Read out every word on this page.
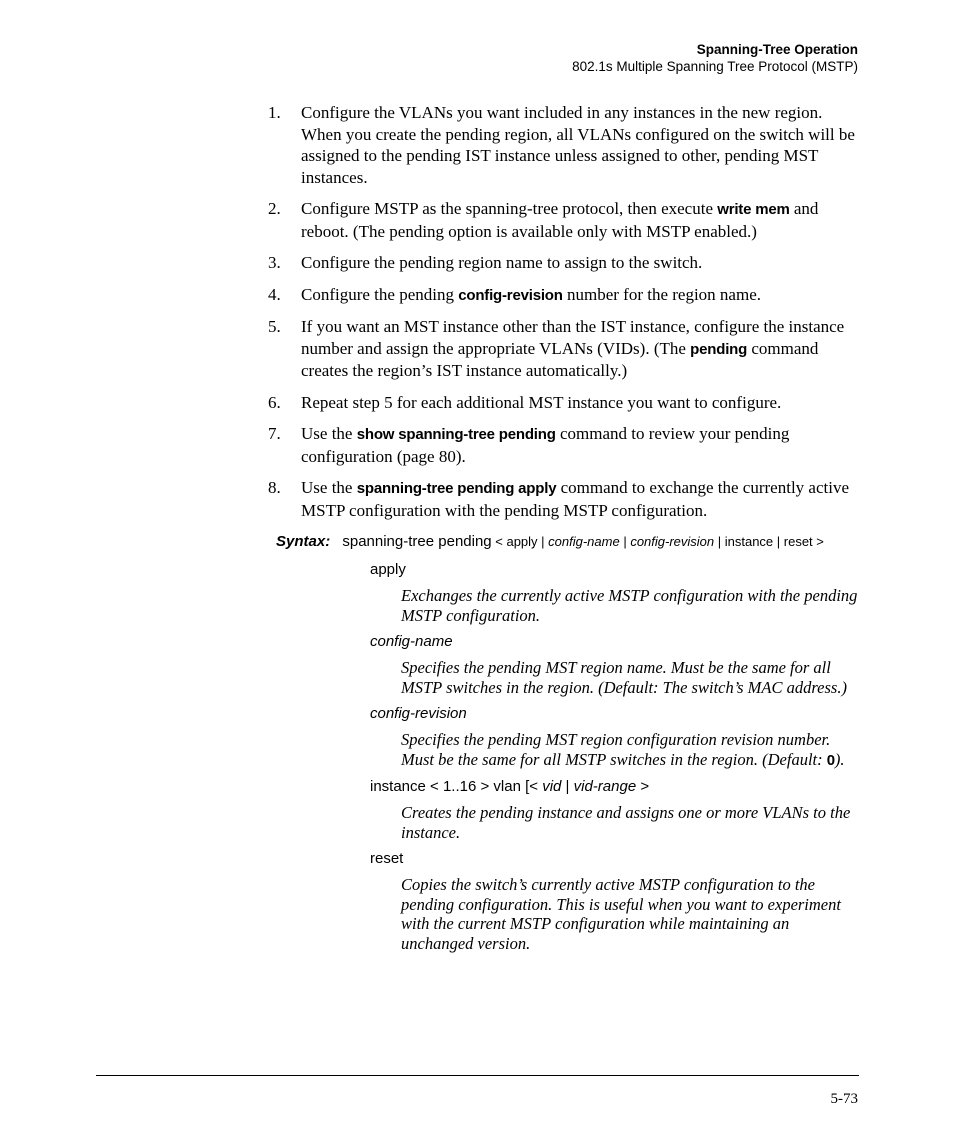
Spanning-Tree Operation
802.1s Multiple Spanning Tree Protocol (MSTP)
1. Configure the VLANs you want included in any instances in the new region. When you create the pending region, all VLANs configured on the switch will be assigned to the pending IST instance unless assigned to other, pending MST instances.
2. Configure MSTP as the spanning-tree protocol, then execute write mem and reboot. (The pending option is available only with MSTP enabled.)
3. Configure the pending region name to assign to the switch.
4. Configure the pending config-revision number for the region name.
5. If you want an MST instance other than the IST instance, configure the instance number and assign the appropriate VLANs (VIDs). (The pending command creates the region’s IST instance automatically.)
6. Repeat step 5 for each additional MST instance you want to configure.
7. Use the show spanning-tree pending command to review your pending configuration (page 80).
8. Use the spanning-tree pending apply command to exchange the currently active MSTP configuration with the pending MSTP configuration.
Syntax: spanning-tree pending < apply | config-name | config-revision | instance | reset >
apply
Exchanges the currently active MSTP configuration with the pending MSTP configuration.
config-name
Specifies the pending MST region name. Must be the same for all MSTP switches in the region. (Default: The switch’s MAC address.)
config-revision
Specifies the pending MST region configuration revision number. Must be the same for all MSTP switches in the region. (Default: 0).
instance < 1..16 > vlan [< vid | vid-range >
Creates the pending instance and assigns one or more VLANs to the instance.
reset
Copies the switch’s currently active MSTP configuration to the pending configuration. This is useful when you want to experiment with the current MSTP configuration while maintaining an unchanged version.
5-73
